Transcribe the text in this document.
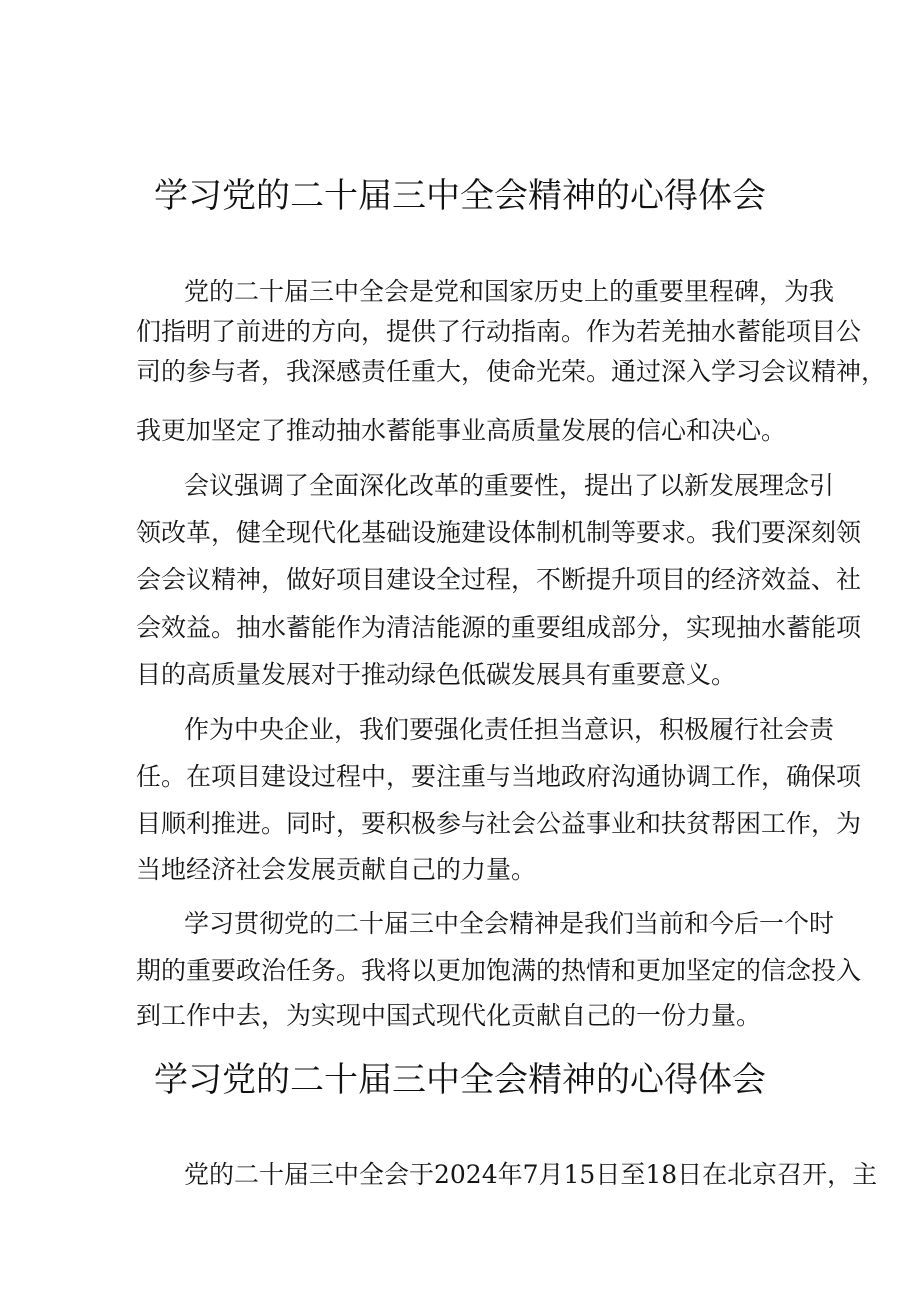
学习党的二十届三中全会精神的心得体会
党的二十届三中全会是党和国家历史上的重要里程碑，为我
们指明了前进的方向，提供了行动指南。作为若羌抽水蓄能项目公
司的参与者，我深感责任重大，使命光荣。通过深入学习会议精神，
我更加坚定了推动抽水蓄能事业高质量发展的信心和决心。
会议强调了全面深化改革的重要性，提出了以新发展理念引
领改革，健全现代化基础设施建设体制机制等要求。我们要深刻领
会会议精神，做好项目建设全过程，不断提升项目的经济效益、社
会效益。抽水蓄能作为清洁能源的重要组成部分，实现抽水蓄能项
目的高质量发展对于推动绿色低碳发展具有重要意义。
作为中央企业，我们要强化责任担当意识，积极履行社会责
任。在项目建设过程中，要注重与当地政府沟通协调工作，确保项
目顺利推进。同时，要积极参与社会公益事业和扶贫帮困工作，为
当地经济社会发展贡献自己的力量。
学习贯彻党的二十届三中全会精神是我们当前和今后一个时
期的重要政治任务。我将以更加饱满的热情和更加坚定的信念投入
到工作中去，为实现中国式现代化贡献自己的一份力量。
学习党的二十届三中全会精神的心得体会
党的二十届三中全会于2024年7月15日至18日在北京召开，主
